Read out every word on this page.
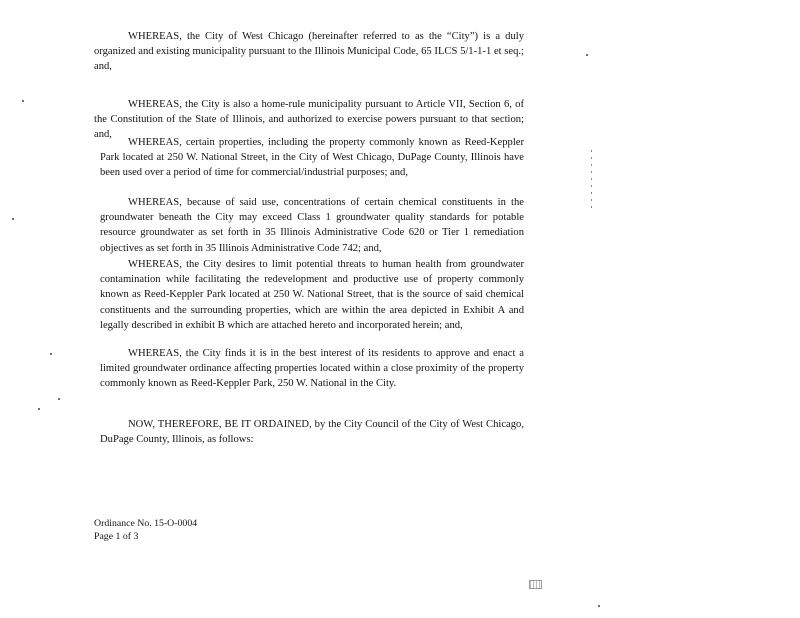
WHEREAS, the City of West Chicago (hereinafter referred to as the “City”) is a duly organized and existing municipality pursuant to the Illinois Municipal Code, 65 ILCS 5/1-1-1 et seq.; and,

WHEREAS, the City is also a home-rule municipality pursuant to Article VII, Section 6, of the Constitution of the State of Illinois, and authorized to exercise powers pursuant to that section; and,

WHEREAS, certain properties, including the property commonly known as Reed-Keppler Park located at 250 W. National Street, in the City of West Chicago, DuPage County, Illinois have been used over a period of time for commercial/industrial purposes; and,

WHEREAS, because of said use, concentrations of certain chemical constituents in the groundwater beneath the City may exceed Class 1 groundwater quality standards for potable resource groundwater as set forth in 35 Illinois Administrative Code 620 or Tier 1 remediation objectives as set forth in 35 Illinois Administrative Code 742; and,

WHEREAS, the City desires to limit potential threats to human health from groundwater contamination while facilitating the redevelopment and productive use of property commonly known as Reed-Keppler Park located at 250 W. National Street, that is the source of said chemical constituents and the surrounding properties, which are within the area depicted in Exhibit A and legally described in exhibit B which are attached hereto and incorporated herein; and,

WHEREAS, the City finds it is in the best interest of its residents to approve and enact a limited groundwater ordinance affecting properties located within a close proximity of the property commonly known as Reed-Keppler Park, 250 W. National in the City.

NOW, THEREFORE, BE IT ORDAINED, by the City Council of the City of West Chicago, DuPage County, Illinois, as follows:

Ordinance No. 15-O-0004

Page 1 of 3
